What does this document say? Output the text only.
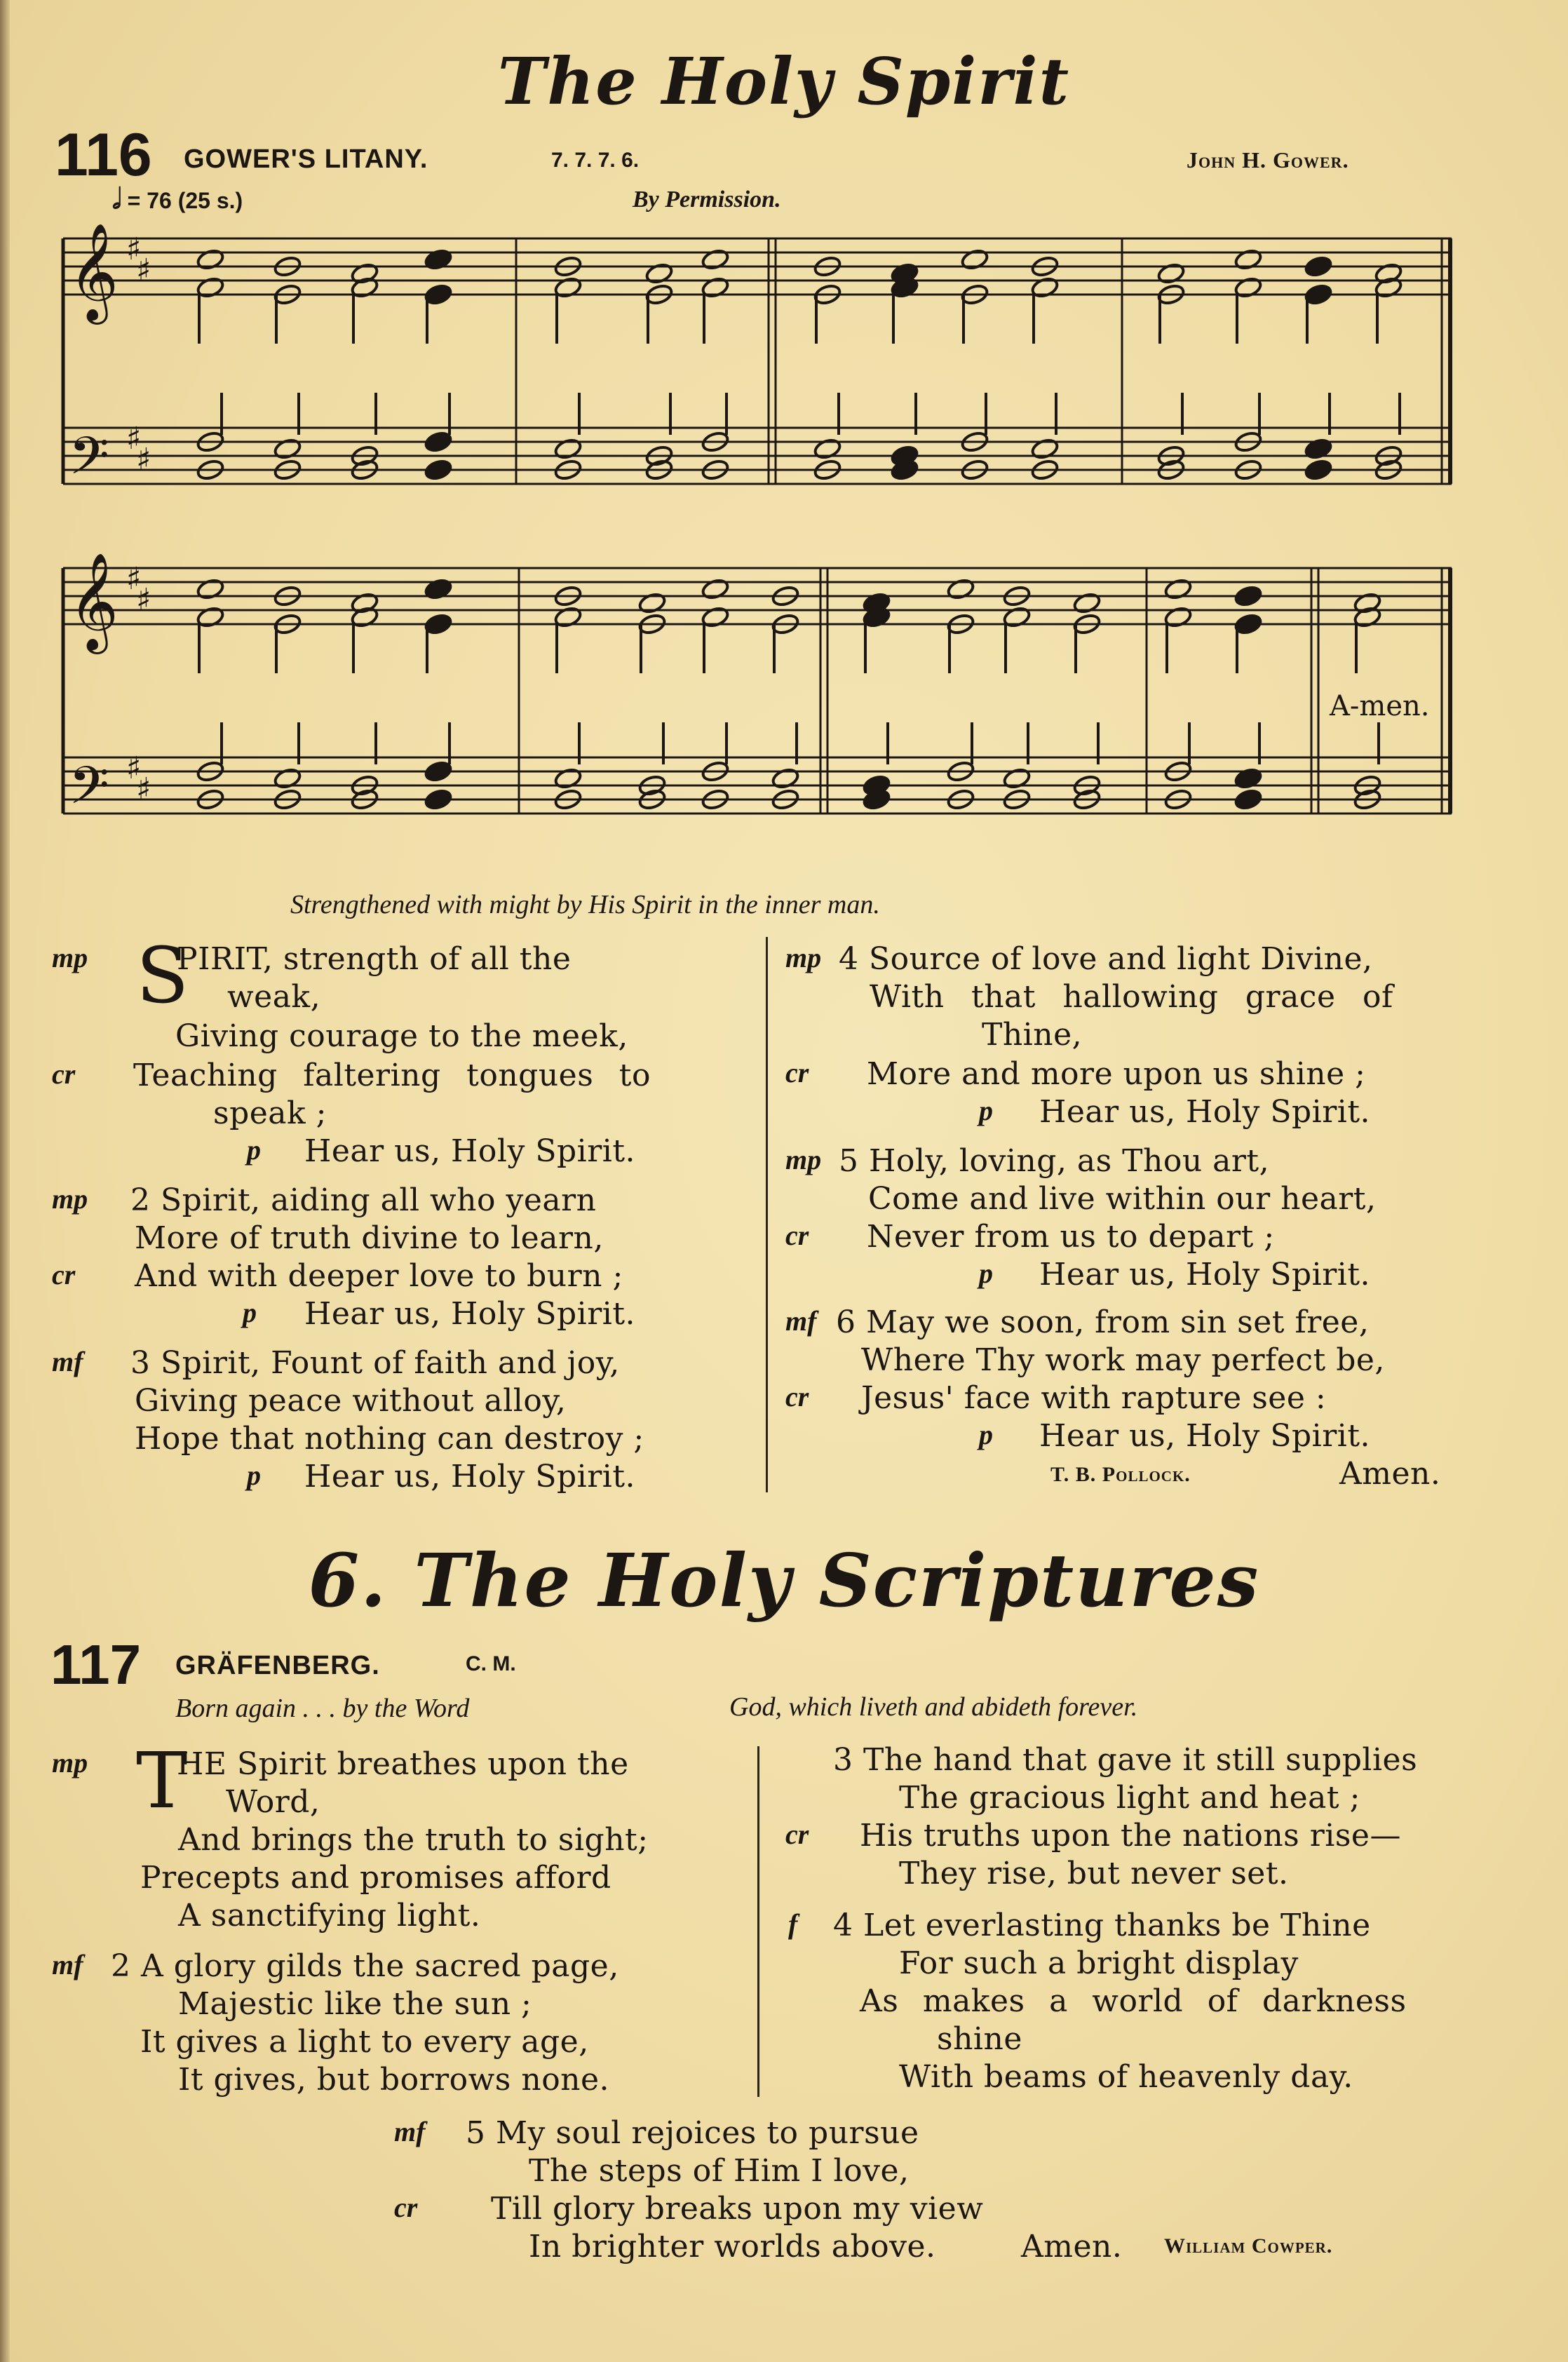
The Holy Spirit
116 GOWER'S LITANY.	7. 7. 7. 6.	John H. Gower.
𝅗𝅥 = 76 (25 s.)	By Permission.
𝄞
𝄢
𝄞
𝄢
♯
♯
♯
♯
♯
♯
♯
♯
A-men.
Strengthened with might by His Spirit in the inner man.
mp S
PIRIT, strength of all the
weak,
Giving courage to the meek,
cr Teaching faltering tongues to
speak ;
p Hear us, Holy Spirit.
mp 2 Spirit, aiding all who yearn
More of truth divine to learn,
cr And with deeper love to burn ;
p Hear us, Holy Spirit.
mf 3 Spirit, Fount of faith and joy,
Giving peace without alloy,
Hope that nothing can destroy ;
p Hear us, Holy Spirit.
mp 4 Source of love and light Divine,
With that hallowing grace of
Thine,
cr More and more upon us shine ;
p Hear us, Holy Spirit.
mp 5 Holy, loving, as Thou art,
Come and live within our heart,
cr Never from us to depart ;
p Hear us, Holy Spirit.
mf 6 May we soon, from sin set free,
Where Thy work may perfect be,
cr Jesus' face with rapture see :
p Hear us, Holy Spirit.
T. B. Pollock.	Amen.
6. The Holy Scriptures
117 GRÄFENBERG.	C. M.
Born again . . . by the Word	God, which liveth and abideth forever.
mp T
HE Spirit breathes upon the
Word,
And brings the truth to sight;
Precepts and promises afford
A sanctifying light.
mf 2 A glory gilds the sacred page,
Majestic like the sun ;
It gives a light to every age,
It gives, but borrows none.
3 The hand that gave it still supplies
The gracious light and heat ;
cr His truths upon the nations rise—
They rise, but never set.
f 4 Let everlasting thanks be Thine
For such a bright display
As makes a world of darkness
shine
With beams of heavenly day.
mf 5 My soul rejoices to pursue
The steps of Him I love,
cr Till glory breaks upon my view
In brighter worlds above.	Amen. William Cowper.
